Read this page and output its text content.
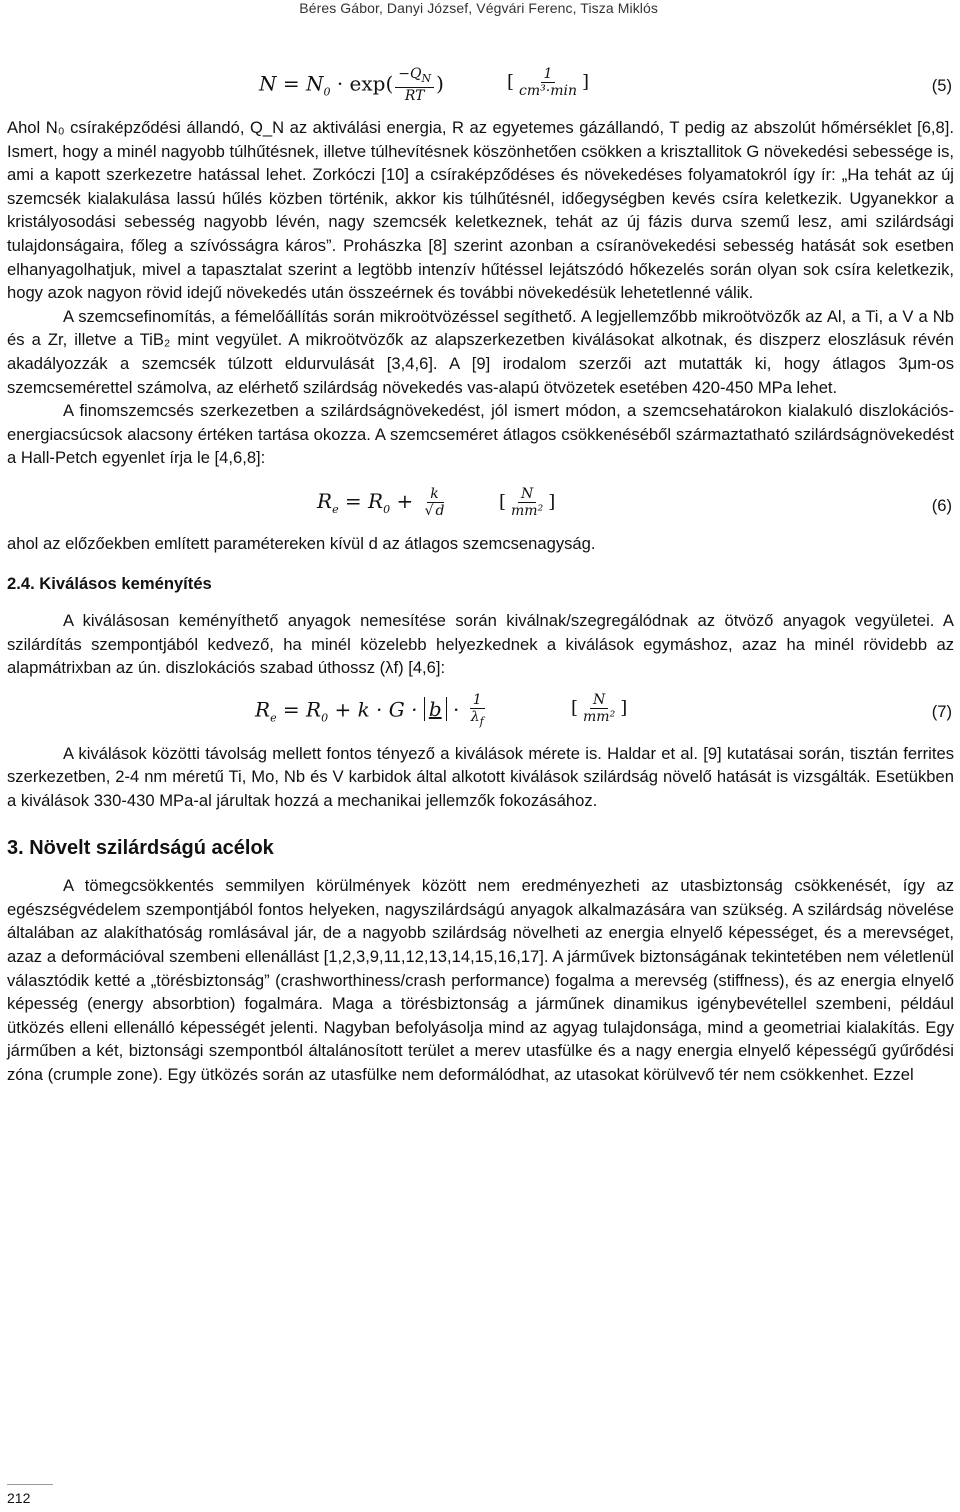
Béres Gábor, Danyi József, Végvári Ferenc, Tisza Miklós
$N = N_0 \cdot \exp( \frac{-Q_N}{RT}$ )	[ $\frac{1}{\text{cm³·min}}$ ]	(5)

Ahol N₀ csíraképződési állandó, Q_N az aktiválási energia, R az egyetemes gázállandó, T pedig az abszolút hőmérséklet [6,8]. Ismert, hogy a minél nagyobb túlhűtésnek, illetve túlhevítésnek köszönhetően csökken a krisztallitok G növekedési sebessége is, ami a kapott szerkezetre hatással lehet. Zorkóczi [10] a csíraképződéses és növekedéses folyamatokról így ír: „Ha tehát az új szemcsék kialakulása lassú hűlés közben történik, akkor kis túlhűtésnél, időegységben kevés csíra keletkezik. Ugyanekkor a kristályosodási sebesség nagyobb lévén, nagy szemcsék keletkeznek, tehát az új fázis durva szemű lesz, ami szilárdsági tulajdonságaira, főleg a szívósságra káros”. Prohászka [8] szerint azonban a csíranövekedési sebesség hatását sok esetben elhanyagolhatjuk, mivel a tapasztalat szerint a legtöbb intenzív hűtéssel lejátszódó hőkezelés során olyan sok csíra keletkezik, hogy azok nagyon rövid idejű növekedés után összeérnek és további növekedésük lehetetlenné válik.

A szemcsefinomítás, a fémelőállítás során mikroötvözéssel segíthető. A legjellemzőbb mikroötvözők az Al, a Ti, a V a Nb és a Zr, illetve a TiB₂ mint vegyület. A mikroötvözők az alapszerkezetben kiválásokat alkotnak, és diszperz eloszlásuk révén akadályozzák a szemcsék túlzott eldurvulását [3,4,6]. A [9] irodalom szerzői azt mutatták ki, hogy átlagos 3μm-os szemcsemérettel számolva, az elérhető szilárdság növekedés vas-alapú ötvözetek esetében 420-450 MPa lehet.

A finomszemcsés szerkezetben a szilárdságnövekedést, jól ismert módon, a szemcsehatárokon kialakuló diszlokációs-energiacsúcsok alacsony értéken tartása okozza. A szemcseméret átlagos csökkenéséből származtatható szilárdságnövekedést a Hall-Petch egyenlet írja le [4,6,8]:

$R_e = R_0 + \frac{k}{√ d}$	[ $\frac{N}{\text{mm²}}$ ]	(6)

ahol az előzőekben említett paramétereken kívül d az átlagos szemcsenagyság.

2.4. Kiválásos keményítés

A kiválásosan keményíthető anyagok nemesítése során kiválnak/szegregálódnak az ötvöző anyagok vegyületei. A szilárdítás szempontjából kedvező, ha minél közelebb helyezkednek a kiválások egymáshoz, azaz ha minél rövidebb az alapmátrixban az ún. diszlokációs szabad úthossz (λf) [4,6]:

$R_e = R_0 + k \cdot G \cdot b \cdot \frac{1}{\lambda_f}$	[ $\frac{N}{\text{mm²}}$ ]	(7)

A kiválások közötti távolság mellett fontos tényező a kiválások mérete is. Haldar et al. [9] kutatásai során, tisztán ferrites szerkezetben, 2-4 nm méretű Ti, Mo, Nb és V karbidok által alkotott kiválások szilárdság növelő hatását is vizsgálták. Esetükben a kiválások 330-430 MPa-al járultak hozzá a mechanikai jellemzők fokozásához.

3. Növelt szilárdságú acélok

A tömegcsökkentés semmilyen körülmények között nem eredményezheti az utasbiztonság csökkenését, így az egészségvédelem szempontjából fontos helyeken, nagyszilárdságú anyagok alkalmazására van szükség. A szilárdság növelése általában az alakíthatóság romlásával jár, de a nagyobb szilárdság növelheti az energia elnyelő képességet, és a merevséget, azaz a deformációval szembeni ellenállást [1,2,3,9,11,12,13,14,15,16,17]. A járművek biztonságának tekintetében nem véletlenül választódik ketté a „törésbiztonság” (crashworthiness/crash performance) fogalma a merevség (stiffness), és az energia elnyelő képesség (energy absorbtion) fogalmára. Maga a törésbiztonság a járműnek dinamikus igénybevétellel szembeni, például ütközés elleni ellenálló képességét jelenti. Nagyban befolyásolja mind az agyag tulajdonsága, mind a geometriai kialakítás. Egy járműben a két, biztonsági szempontból általánosított terület a merev utasfülke és a nagy energia elnyelő képességű gyűrődési zóna (crumple zone). Egy ütközés során az utasfülke nem deformálódhat, az utasokat körülvevő tér nem csökkenhet. Ezzel

212
